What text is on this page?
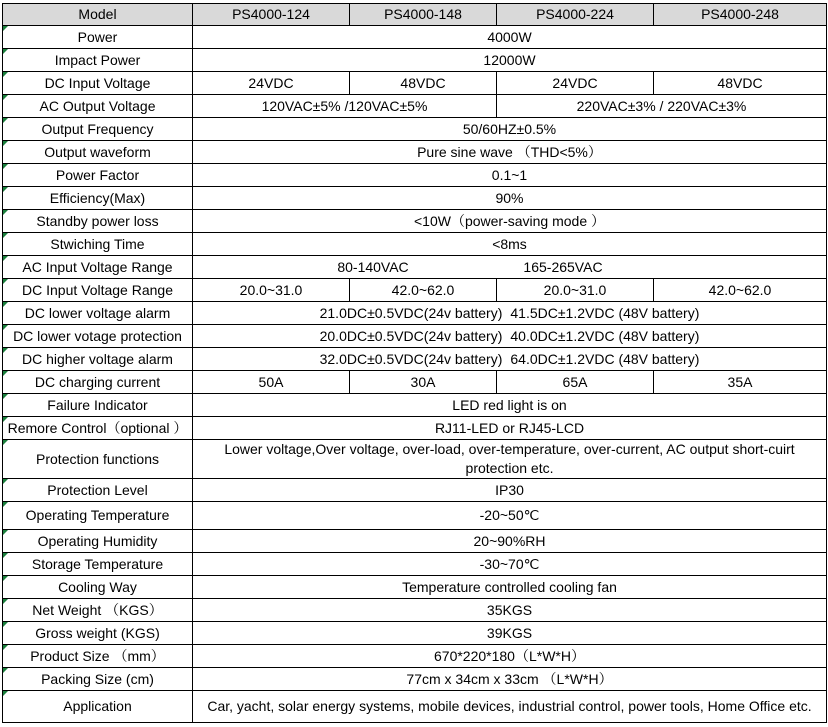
Model	PS4000-124	PS4000-148	PS4000-224	PS4000-248
Power	4000W			
Impact Power	12000W			
DC Input Voltage	24VDC	48VDC	24VDC	48VDC
AC Output Voltage	120VAC±5% /120VAC±5%		220VAC±3% / 220VAC±3%	
Output Frequency	50/60HZ±0.5%			
Output waveform	Pure sine wave （THD<5%）			
Power Factor	0.1~1			
Efficiency(Max)	90%			
Standby power loss	<10W（power-saving mode ）			
Stwiching Time	<8ms			
AC Input Voltage Range	80-140VAC 165-265VAC			
DC Input Voltage Range	20.0~31.0	42.0~62.0	20.0~31.0	42.0~62.0
DC lower voltage alarm	21.0DC±0.5VDC(24v battery) 41.5DC±1.2VDC (48V battery)			
DC lower votage protection	20.0DC±0.5VDC(24v battery) 40.0DC±1.2VDC (48V battery)			
DC higher voltage alarm	32.0DC±0.5VDC(24v battery) 64.0DC±1.2VDC (48V battery)			
DC charging current	50A	30A	65A	35A
Failure Indicator	LED red light is on			
Remore Control（optional ）	RJ11-LED or RJ45-LCD			
Protection functions	Lower voltage,Over voltage, over-load, over-temperature, over-current, AC output short-cuirt protection etc.			
Protection Level	IP30			
Operating Temperature	-20~50℃			
Operating Humidity	20~90%RH			
Storage Temperature	-30~70℃			
Cooling Way	Temperature controlled cooling fan			
Net Weight （KGS）	35KGS			
Gross weight (KGS)	39KGS			
Product Size （mm）	670*220*180（L*W*H）			
Packing Size (cm)	77cm x 34cm x 33cm （L*W*H）			
Application	Car, yacht, solar energy systems, mobile devices, industrial control, power tools, Home Office etc.			
